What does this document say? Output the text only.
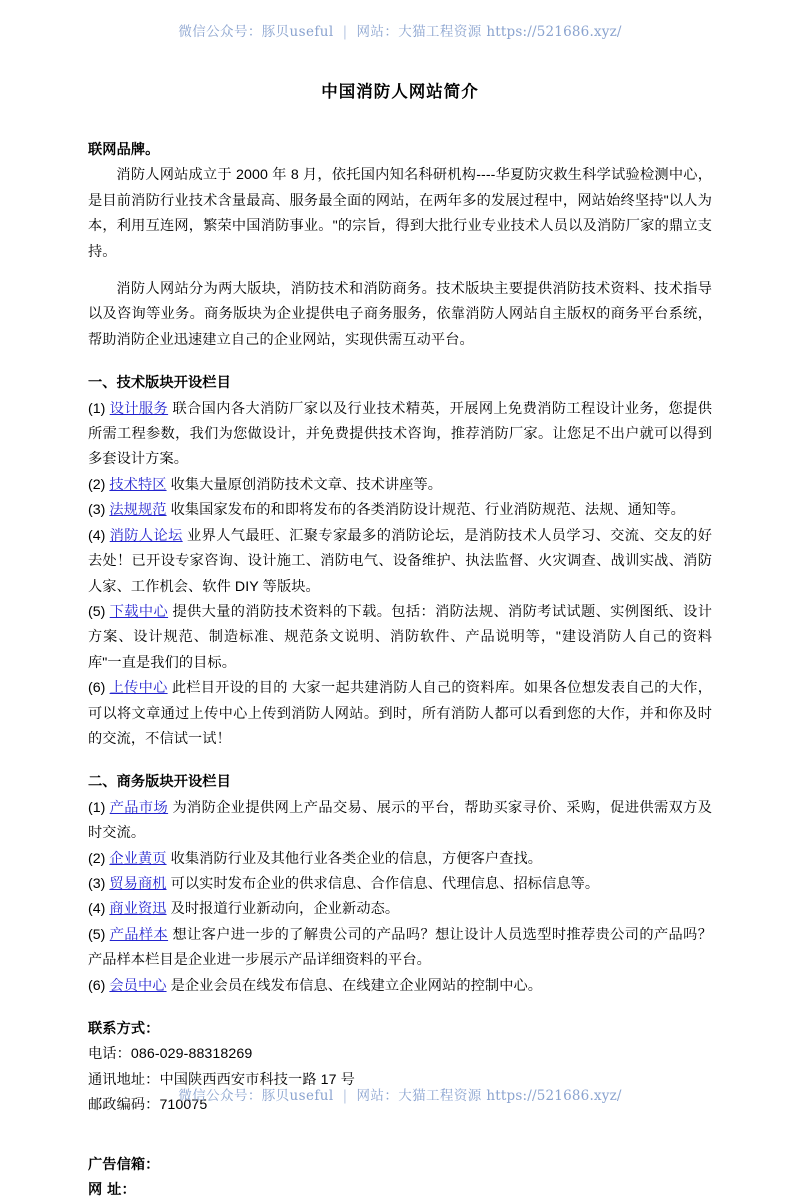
微信公众号：豚贝useful | 网站：大猫工程资源 https://521686.xyz/
中国消防人网站简介

联网品牌。

消防人网站成立于 2000 年 8 月，依托国内知名科研机构----华夏防灾救生科学试验检测中心，是目前消防行业技术含量最高、服务最全面的网站，在两年多的发展过程中，网站始终坚持"以人为本，利用互连网，繁荣中国消防事业。"的宗旨，得到大批行业专业技术人员以及消防厂家的鼎立支持。

消防人网站分为两大版块，消防技术和消防商务。技术版块主要提供消防技术资料、技术指导以及咨询等业务。商务版块为企业提供电子商务服务，依靠消防人网站自主版权的商务平台系统，帮助消防企业迅速建立自己的企业网站，实现供需互动平台。

一、技术版块开设栏目

(1) 设计服务 联合国内各大消防厂家以及行业技术精英，开展网上免费消防工程设计业务，您提供所需工程参数，我们为您做设计，并免费提供技术咨询，推荐消防厂家。让您足不出户就可以得到多套设计方案。

(2) 技术特区 收集大量原创消防技术文章、技术讲座等。

(3) 法规规范 收集国家发布的和即将发布的各类消防设计规范、行业消防规范、法规、通知等。

(4) 消防人论坛 业界人气最旺、汇聚专家最多的消防论坛，是消防技术人员学习、交流、交友的好去处！已开设专家咨询、设计施工、消防电气、设备维护、执法监督、火灾调查、战训实战、消防人家、工作机会、软件 DIY 等版块。

(5) 下载中心 提供大量的消防技术资料的下载。包括：消防法规、消防考试试题、实例图纸、设计方案、设计规范、制造标准、规范条文说明、消防软件、产品说明等，"建设消防人自己的资料库"一直是我们的目标。

(6) 上传中心 此栏目开设的目的 大家一起共建消防人自己的资料库。如果各位想发表自己的大作，可以将文章通过上传中心上传到消防人网站。到时，所有消防人都可以看到您的大作，并和你及时的交流，不信试一试！

二、商务版块开设栏目

(1) 产品市场 为消防企业提供网上产品交易、展示的平台，帮助买家寻价、采购，促进供需双方及时交流。

(2) 企业黄页 收集消防行业及其他行业各类企业的信息，方便客户查找。

(3) 贸易商机 可以实时发布企业的供求信息、合作信息、代理信息、招标信息等。

(4) 商业资迅 及时报道行业新动向，企业新动态。

(5) 产品样本 想让客户进一步的了解贵公司的产品吗？想让设计人员选型时推荐贵公司的产品吗？产品样本栏目是企业进一步展示产品详细资料的平台。

(6) 会员中心 是企业会员在线发布信息、在线建立企业网站的控制中心。

联系方式：

电话：086-029-88318269

通讯地址：中国陕西西安市科技一路 17 号

邮政编码：710075

广告信箱：

网址：

微信公众号：豚贝useful | 网站：大猫工程资源 https://521686.xyz/
